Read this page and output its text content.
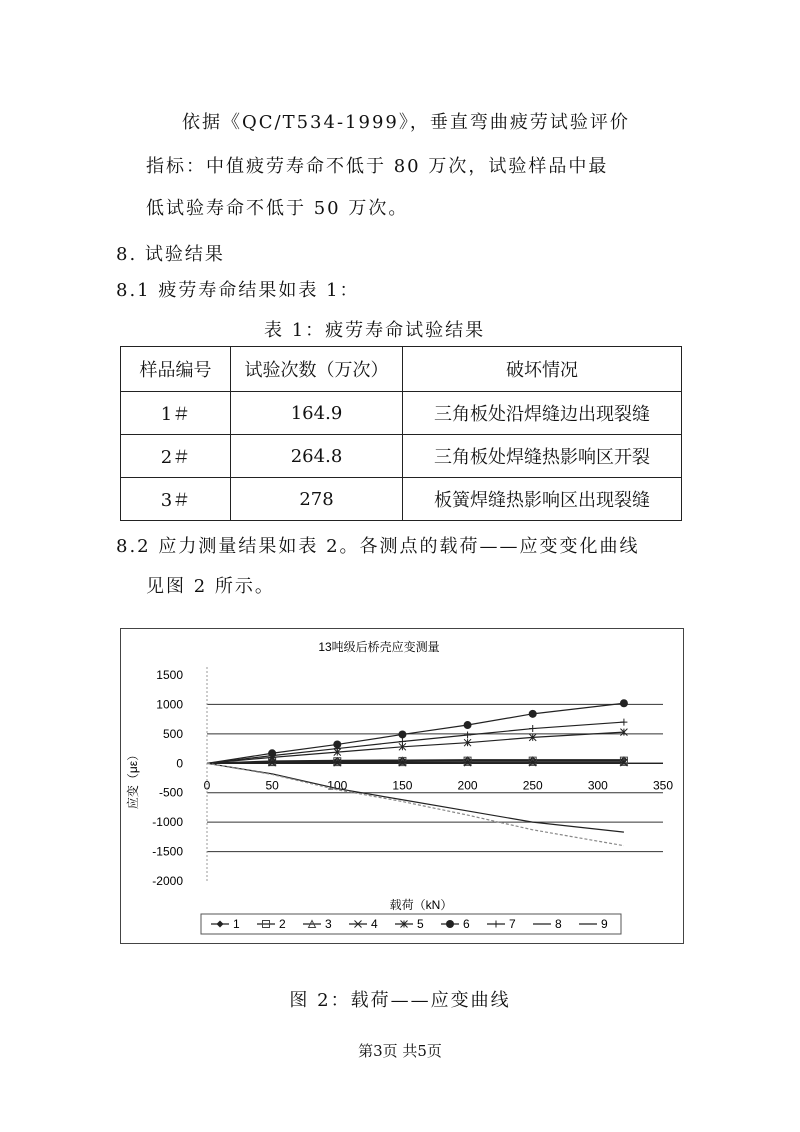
依据《QC/T534-1999》，垂直弯曲疲劳试验评价
指标：中值疲劳寿命不低于 80 万次，试验样品中最
低试验寿命不低于 50 万次。
8. 试验结果
8.1 疲劳寿命结果如表 1：
表 1：疲劳寿命试验结果
样品编号	试验次数（万次）	破坏情况
1＃	164.9	三角板处沿焊缝边出现裂缝
2＃	264.8	三角板处焊缝热影响区开裂
3＃	278	板簧焊缝热影响区出现裂缝
8.2 应力测量结果如表 2。各测点的载荷——应变变化曲线
见图 2 所示。
13吨级后桥壳应变测量
1500
1000
500
0
-500
-1000
-1500
-2000
0	50	100	150	200	250	300	350
应变（με）
载荷（kN）
1	2	3	4	5	6	7	8	9
图 2：载荷——应变曲线
第3页 共5页
